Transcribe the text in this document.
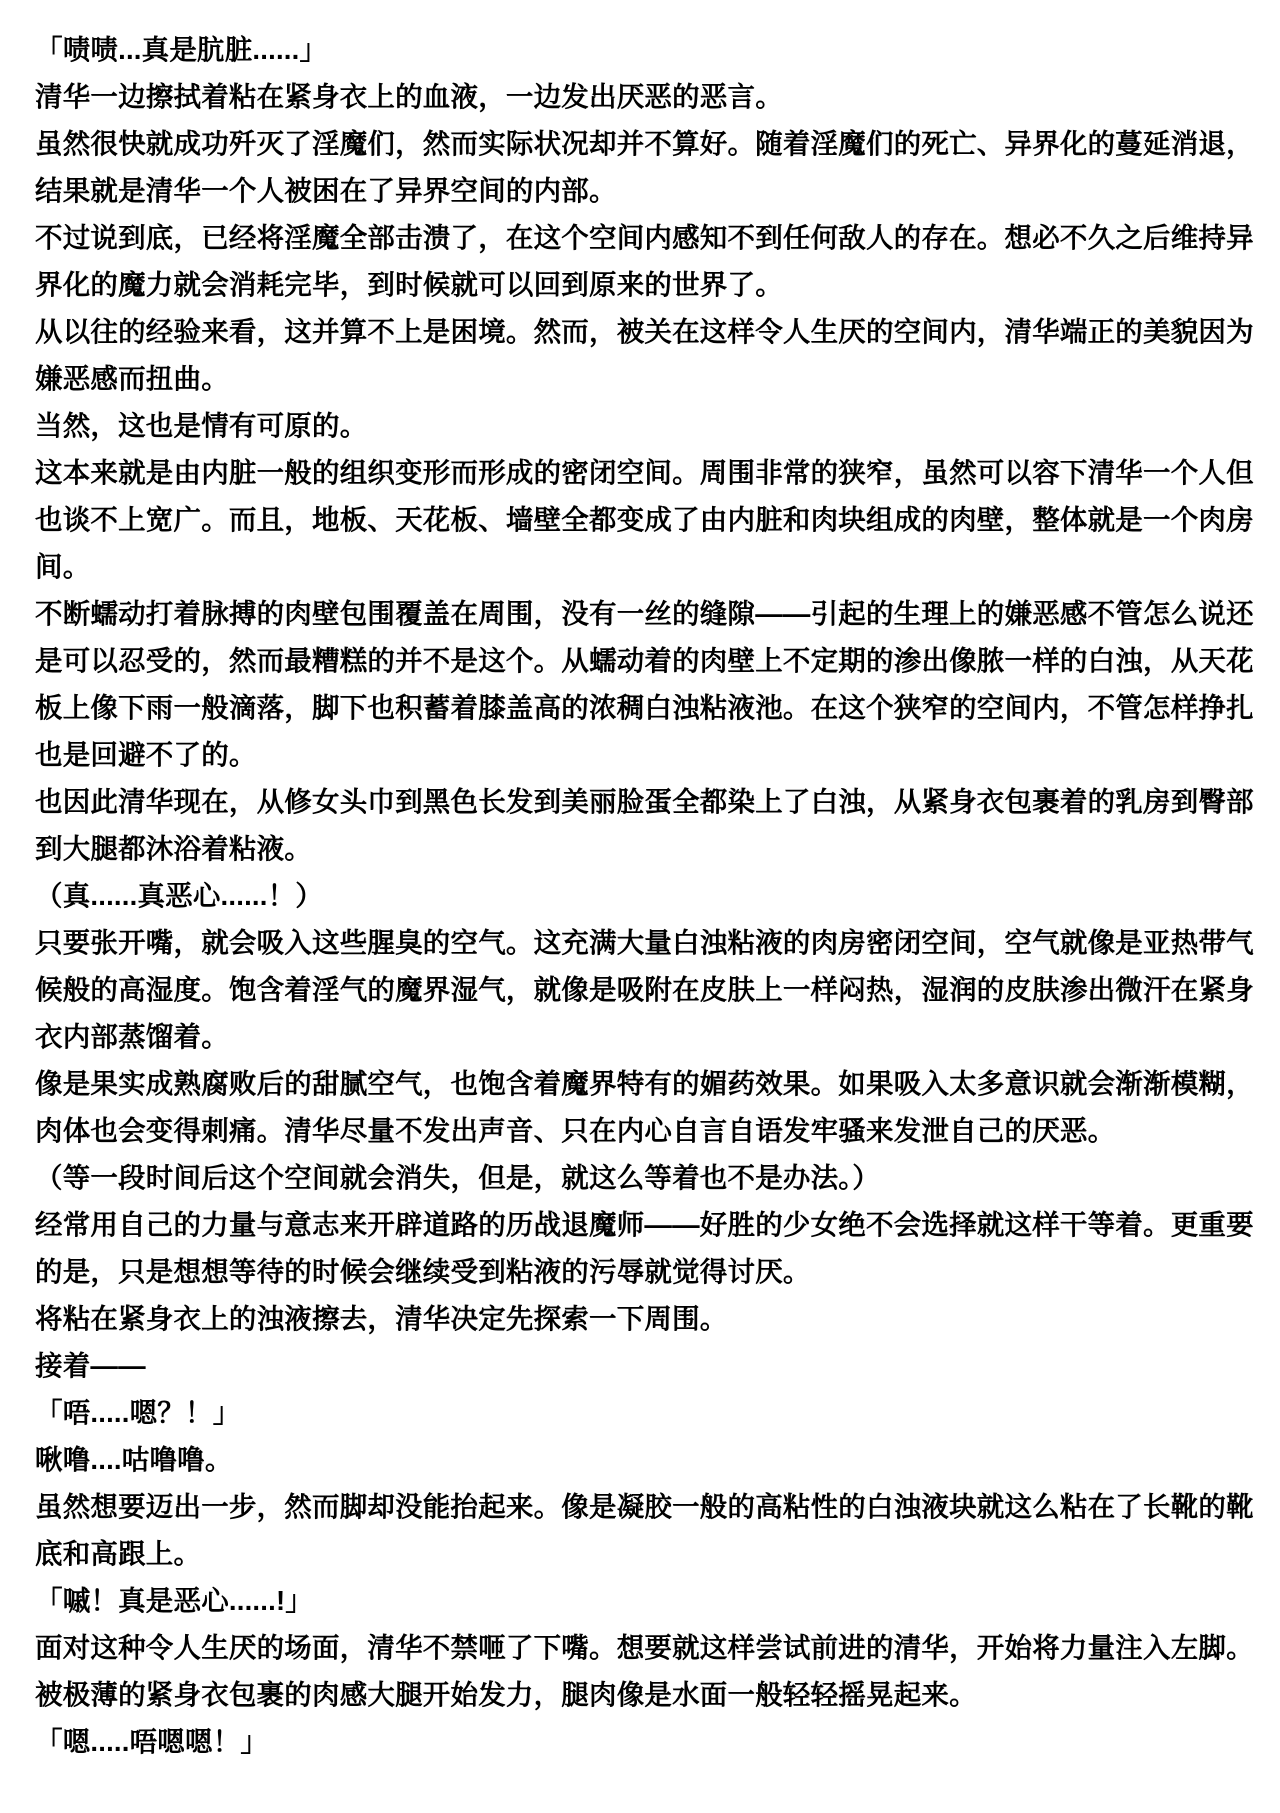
「啧啧...真是肮脏......」

清华一边擦拭着粘在紧身衣上的血液，一边发出厌恶的恶言。

虽然很快就成功歼灭了淫魔们，然而实际状况却并不算好。随着淫魔们的死亡、异界化的蔓延消退，
结果就是清华一个人被困在了异界空间的内部。

不过说到底，已经将淫魔全部击溃了，在这个空间内感知不到任何敌人的存在。想必不久之后维持异
界化的魔力就会消耗完毕，到时候就可以回到原来的世界了。

从以往的经验来看，这并算不上是困境。然而，被关在这样令人生厌的空间内，清华端正的美貌因为
嫌恶感而扭曲。

当然，这也是情有可原的。

这本来就是由内脏一般的组织变形而形成的密闭空间。周围非常的狭窄，虽然可以容下清华一个人但
也谈不上宽广。而且，地板、天花板、墙壁全都变成了由内脏和肉块组成的肉壁，整体就是一个肉房
间。

不断蠕动打着脉搏的肉壁包围覆盖在周围，没有一丝的缝隙——引起的生理上的嫌恶感不管怎么说还
是可以忍受的，然而最糟糕的并不是这个。从蠕动着的肉壁上不定期的渗出像脓一样的白浊，从天花
板上像下雨一般滴落，脚下也积蓄着膝盖高的浓稠白浊粘液池。在这个狭窄的空间内，不管怎样挣扎
也是回避不了的。

也因此清华现在，从修女头巾到黑色长发到美丽脸蛋全都染上了白浊，从紧身衣包裹着的乳房到臀部
到大腿都沐浴着粘液。

（真......真恶心......！）

只要张开嘴，就会吸入这些腥臭的空气。这充满大量白浊粘液的肉房密闭空间，空气就像是亚热带气
候般的高湿度。饱含着淫气的魔界湿气，就像是吸附在皮肤上一样闷热，湿润的皮肤渗出微汗在紧身
衣内部蒸馏着。

像是果实成熟腐败后的甜腻空气，也饱含着魔界特有的媚药效果。如果吸入太多意识就会渐渐模糊，
肉体也会变得刺痛。清华尽量不发出声音、只在内心自言自语发牢骚来发泄自己的厌恶。

（等一段时间后这个空间就会消失，但是，就这么等着也不是办法。）

经常用自己的力量与意志来开辟道路的历战退魔师——好胜的少女绝不会选择就这样干等着。更重要
的是，只是想想等待的时候会继续受到粘液的污辱就觉得讨厌。

将粘在紧身衣上的浊液擦去，清华决定先探索一下周围。

接着——

「唔.....嗯？！」

啾噜....咕噜噜。

虽然想要迈出一步，然而脚却没能抬起来。像是凝胶一般的高粘性的白浊液块就这么粘在了长靴的靴
底和高跟上。

「嘁！真是恶心......!」

面对这种令人生厌的场面，清华不禁咂了下嘴。想要就这样尝试前进的清华，开始将力量注入左脚。

被极薄的紧身衣包裹的肉感大腿开始发力，腿肉像是水面一般轻轻摇晃起来。

「嗯.....唔嗯嗯！」
